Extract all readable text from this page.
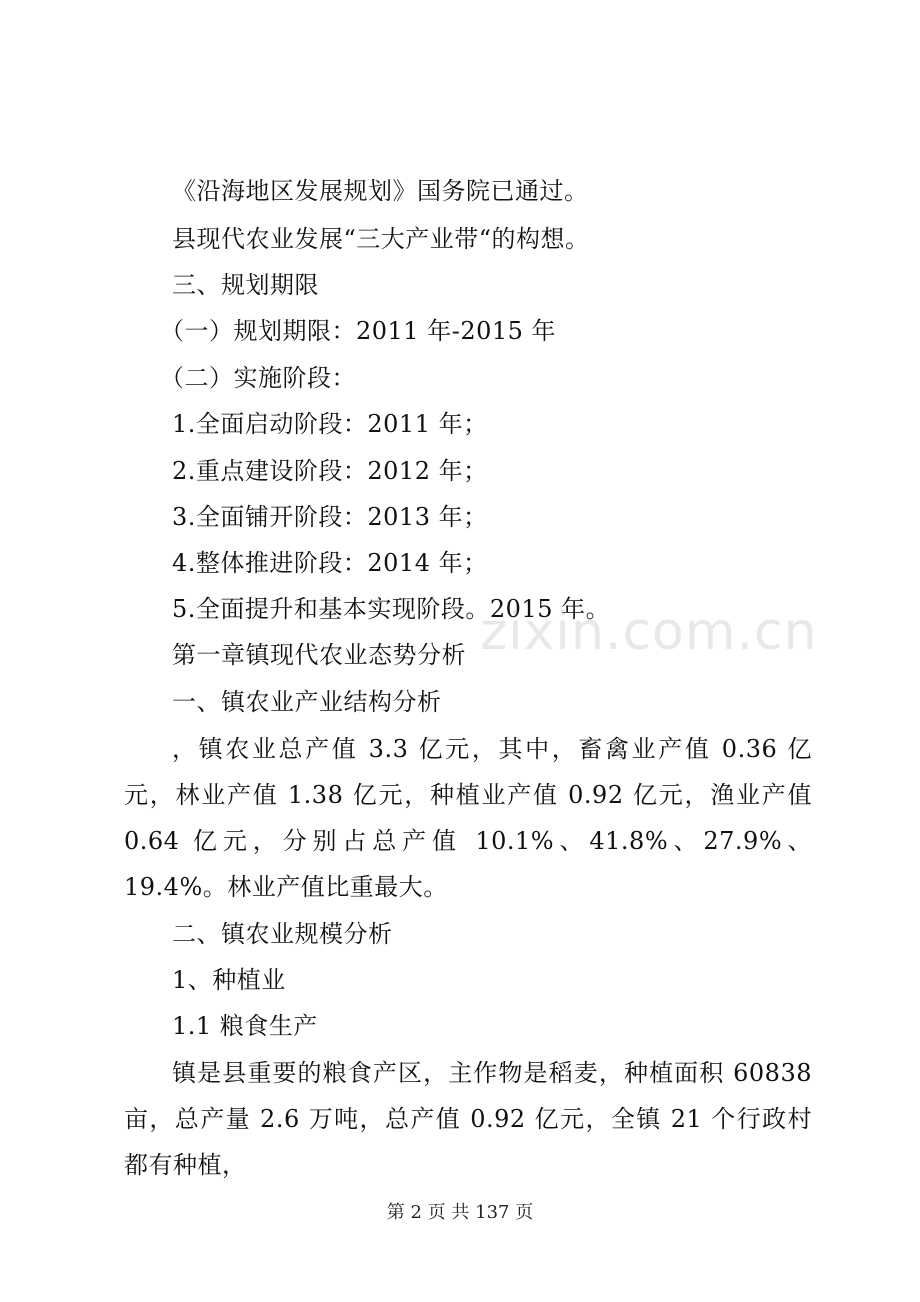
《沿海地区发展规划》国务院已通过。
县现代农业发展“三大产业带“的构想。
三、规划期限
（一）规划期限：2011 年-2015 年
（二）实施阶段：
1.全面启动阶段：2011 年；
2.重点建设阶段：2012 年；
3.全面铺开阶段：2013 年；
4.整体推进阶段：2014 年；
5.全面提升和基本实现阶段。2015 年。
第一章镇现代农业态势分析
一、镇农业产业结构分析
，镇农业总产值 3.3 亿元，其中，畜禽业产值 0.36 亿元，林业产值 1.38 亿元，种植业产值 0.92 亿元，渔业产值 0.64 亿元，分别占总产值 10.1%、41.8%、27.9%、19.4%。林业产值比重最大。
二、镇农业规模分析
1、种植业
1.1 粮食生产
镇是县重要的粮食产区，主作物是稻麦，种植面积 60838 亩，总产量 2.6 万吨，总产值 0.92 亿元，全镇 21 个行政村都有种植，
zixin.com.cn
第 2 页 共 137 页
